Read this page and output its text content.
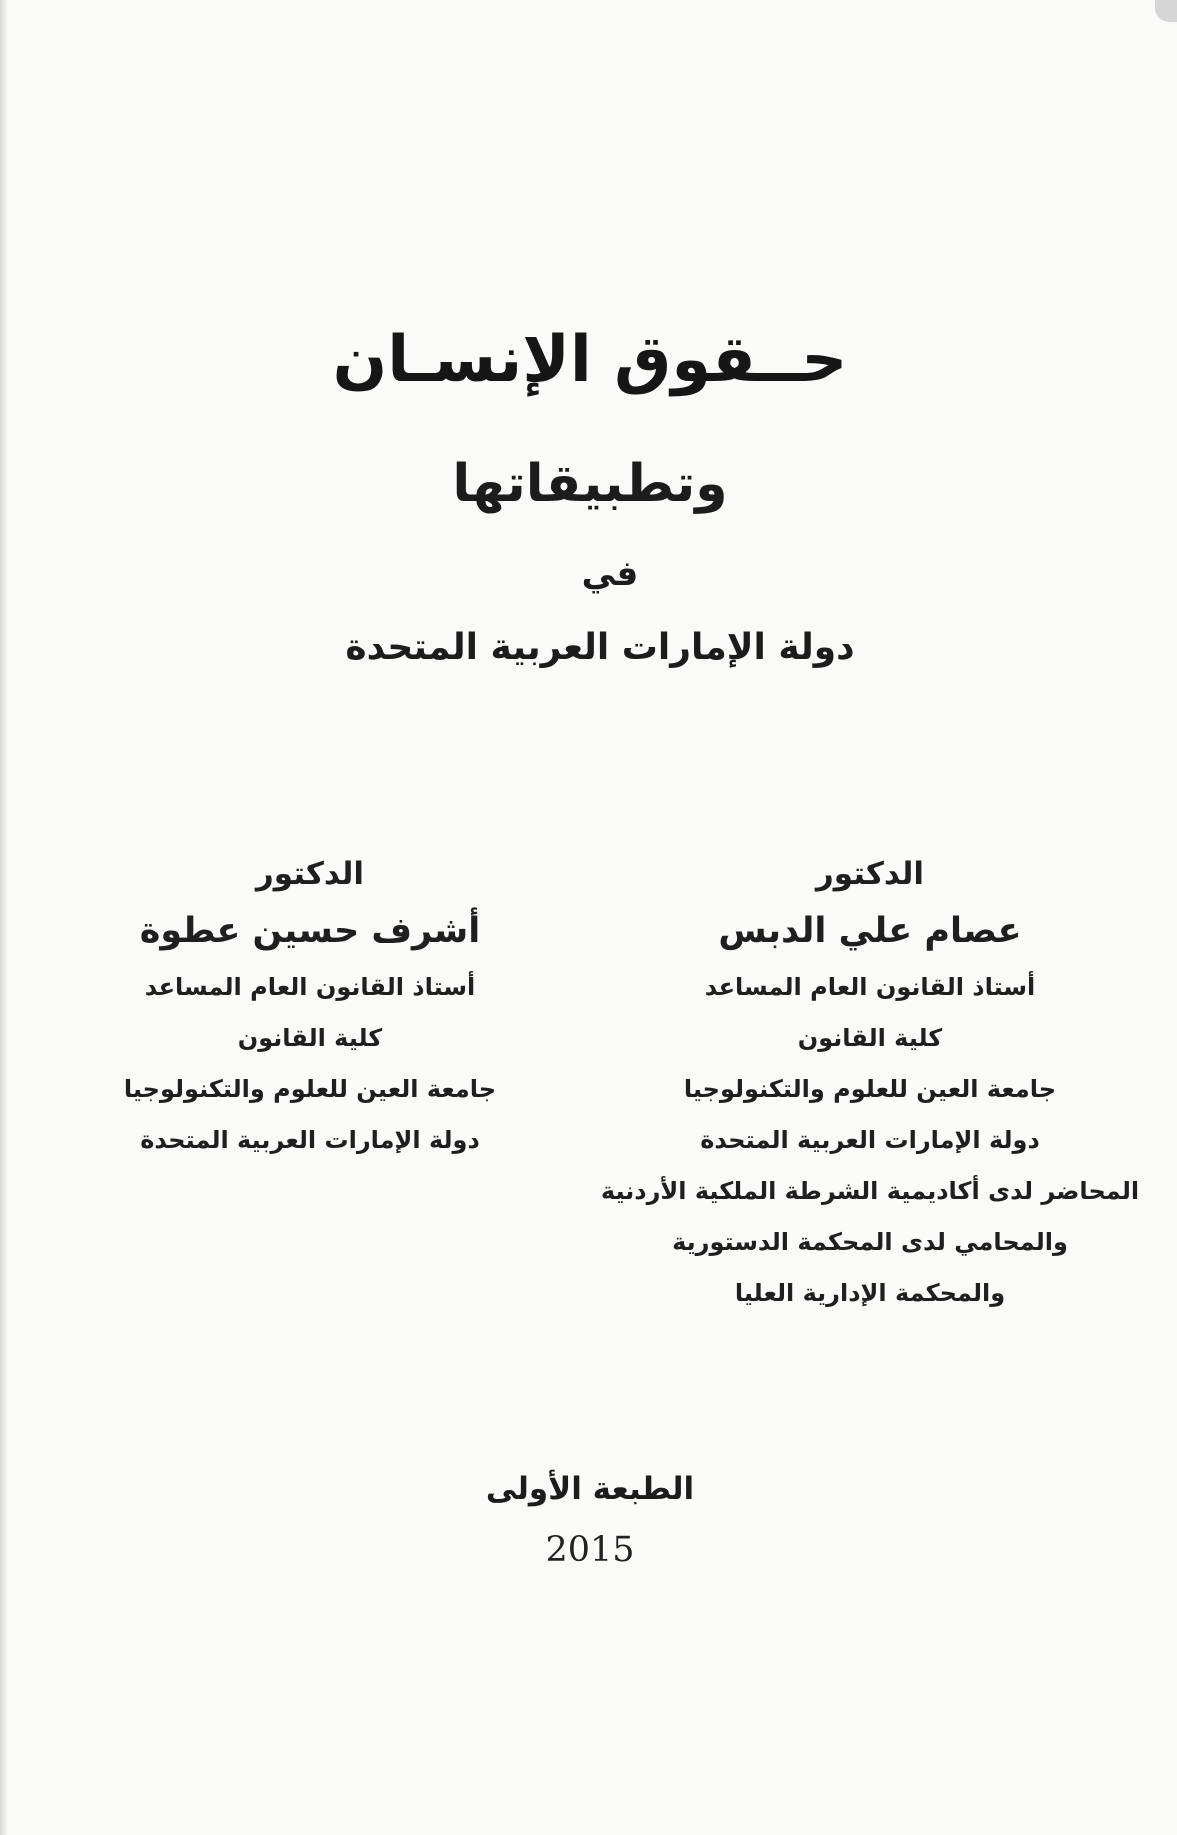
حــقوق الإنسـان
وتطبيقاتها
في
دولة الإمارات العربية المتحدة
الدكتور
عصام علي الدبس
أستاذ القانون العام المساعد
كلية القانون
جامعة العين للعلوم والتكنولوجيا
دولة الإمارات العربية المتحدة
المحاضر لدى أكاديمية الشرطة الملكية الأردنية
والمحامي لدى المحكمة الدستورية
والمحكمة الإدارية العليا
الدكتور
أشرف حسين عطوة
أستاذ القانون العام المساعد
كلية القانون
جامعة العين للعلوم والتكنولوجيا
دولة الإمارات العربية المتحدة
الطبعة الأولى
2015
